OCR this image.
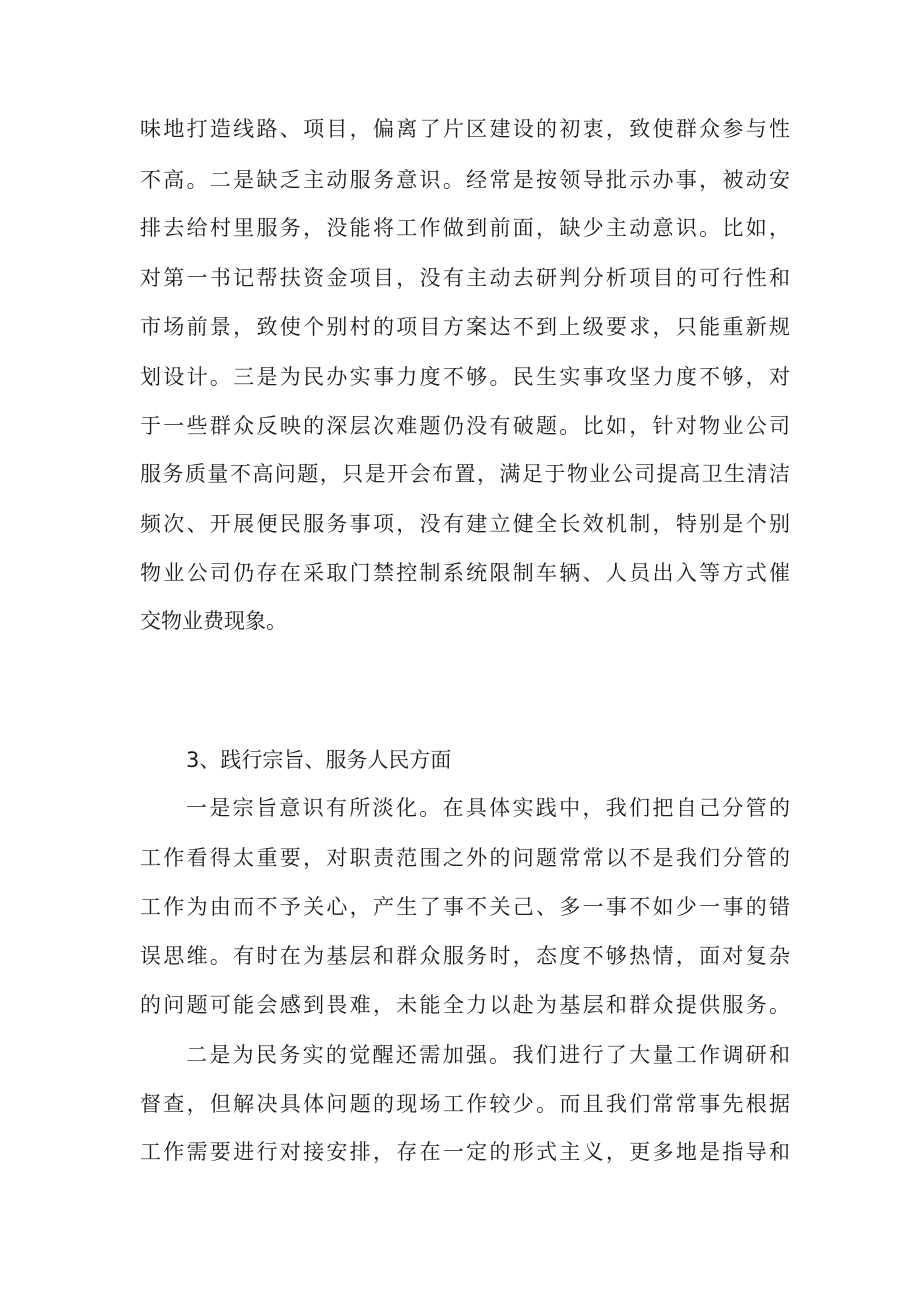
味地打造线路、项目，偏离了片区建设的初衷，致使群众参与性
不高。二是缺乏主动服务意识。经常是按领导批示办事，被动安
排去给村里服务，没能将工作做到前面，缺少主动意识。比如，
对第一书记帮扶资金项目，没有主动去研判分析项目的可行性和
市场前景，致使个别村的项目方案达不到上级要求，只能重新规
划设计。三是为民办实事力度不够。民生实事攻坚力度不够，对
于一些群众反映的深层次难题仍没有破题。比如，针对物业公司
服务质量不高问题，只是开会布置，满足于物业公司提高卫生清洁
频次、开展便民服务事项，没有建立健全长效机制，特别是个别
物业公司仍存在采取门禁控制系统限制车辆、人员出入等方式催
交物业费现象。
3、践行宗旨、服务人民方面
一是宗旨意识有所淡化。在具体实践中，我们把自己分管的
工作看得太重要，对职责范围之外的问题常常以不是我们分管的
工作为由而不予关心，产生了事不关己、多一事不如少一事的错
误思维。有时在为基层和群众服务时，态度不够热情，面对复杂
的问题可能会感到畏难，未能全力以赴为基层和群众提供服务。
二是为民务实的觉醒还需加强。我们进行了大量工作调研和
督查，但解决具体问题的现场工作较少。而且我们常常事先根据
工作需要进行对接安排，存在一定的形式主义，更多地是指导和
